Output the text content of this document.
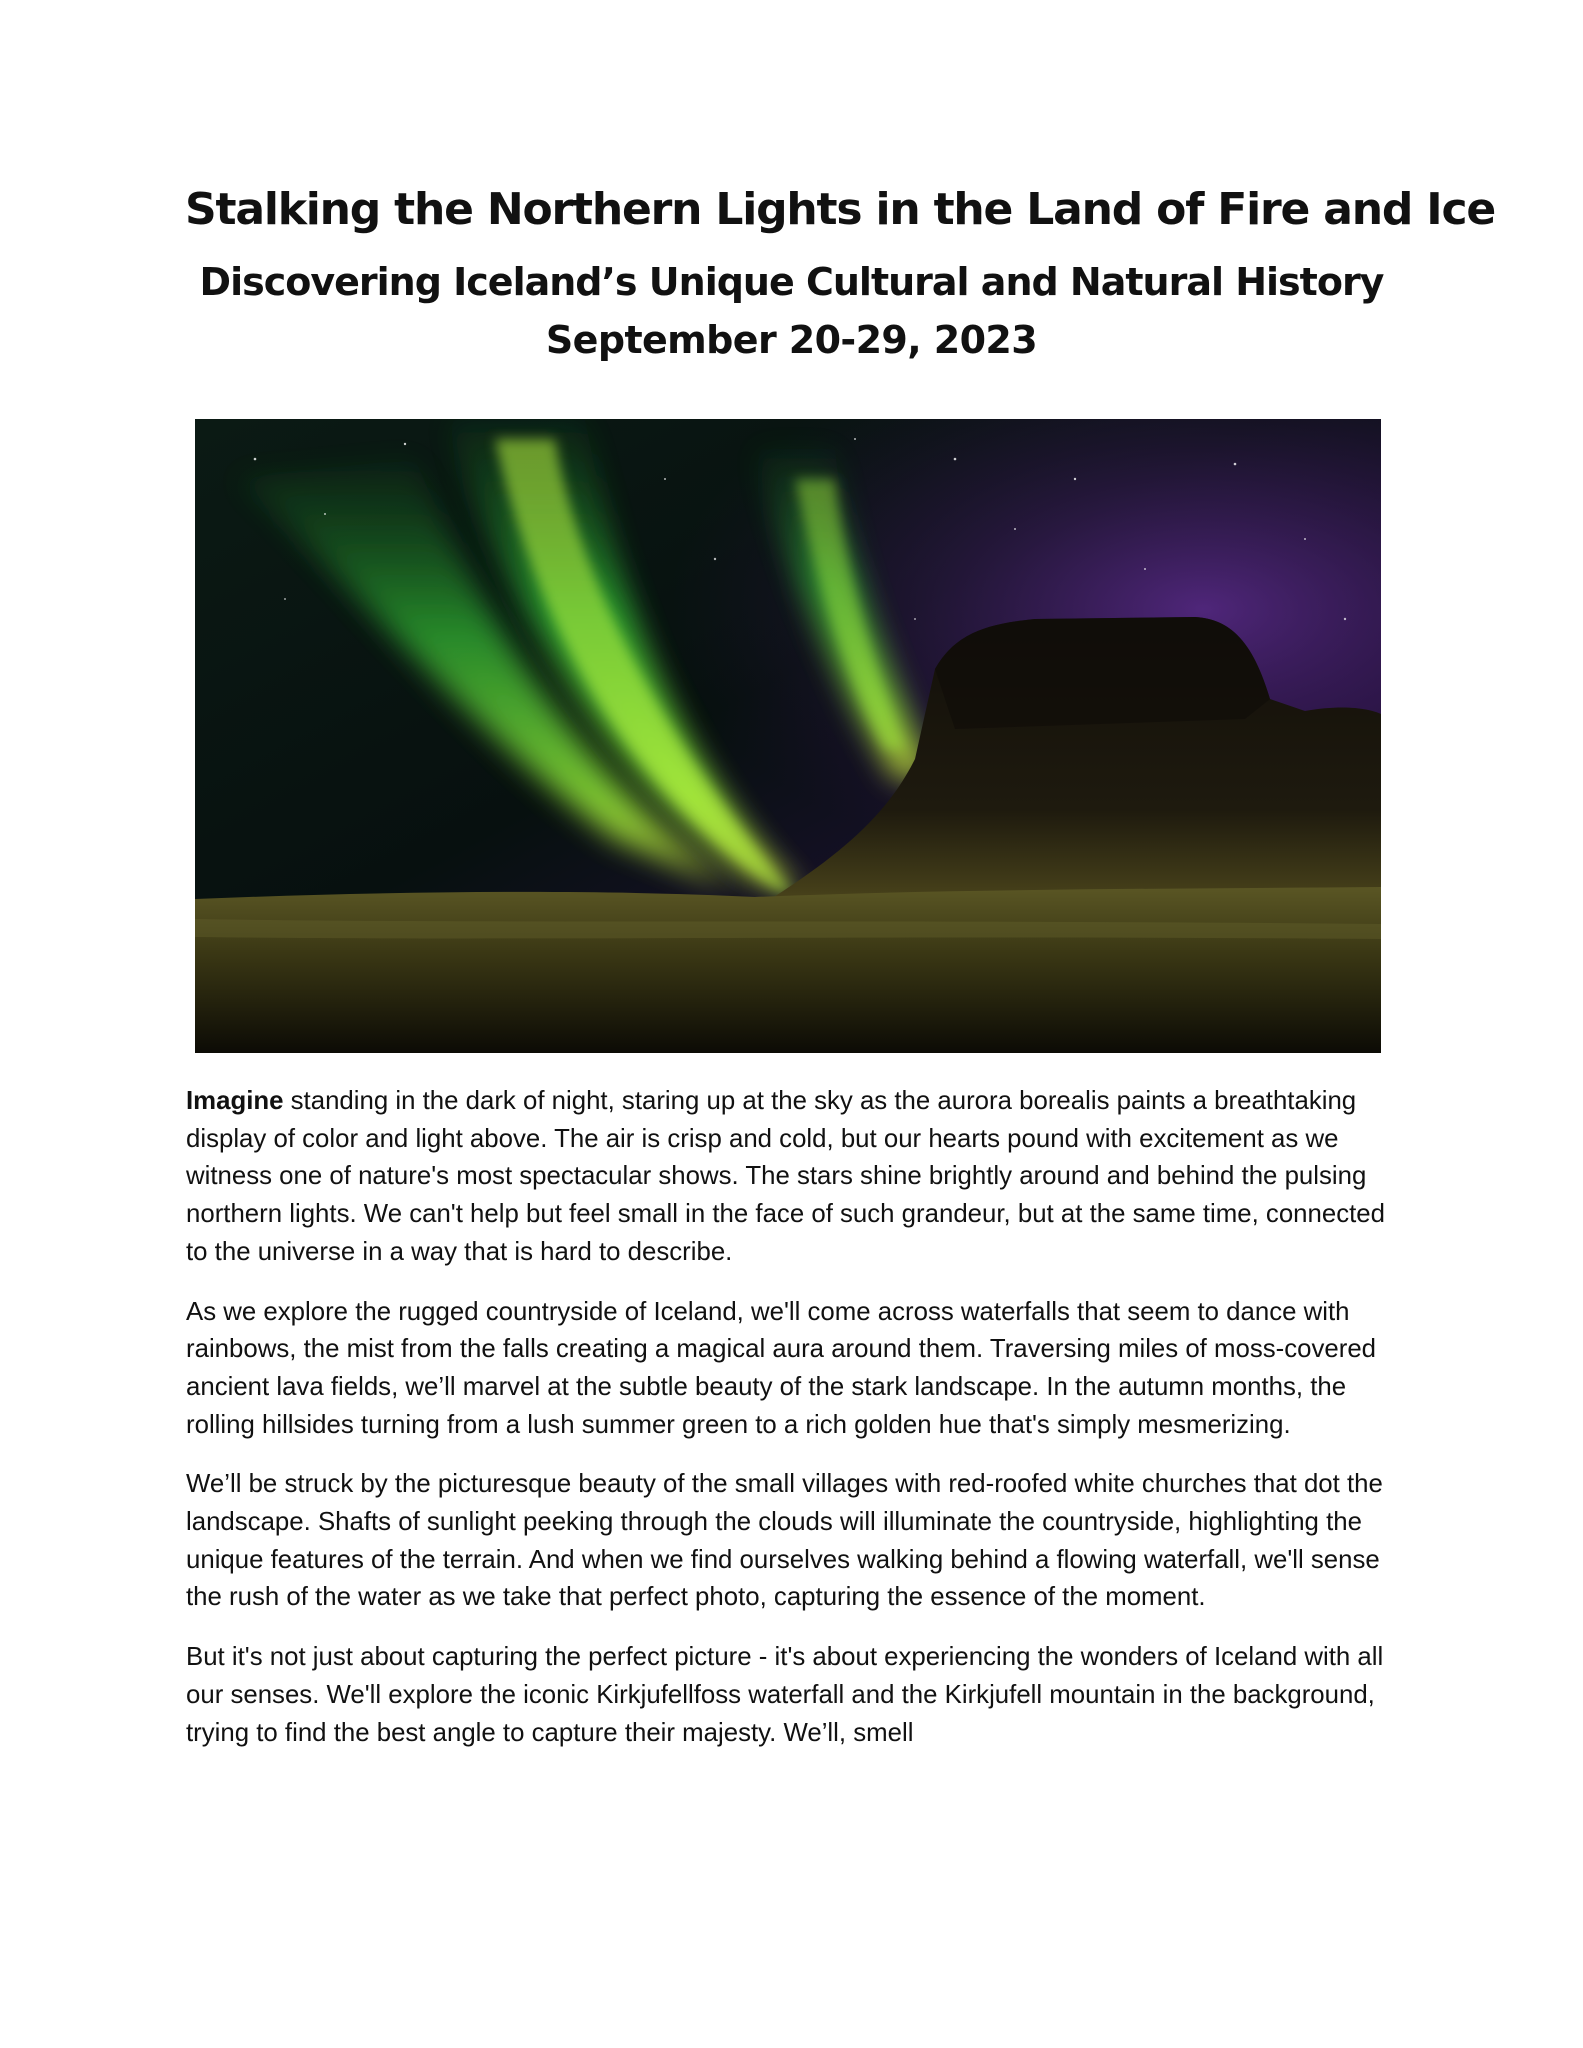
Stalking the Northern Lights in the Land of Fire and Ice
Discovering Iceland’s Unique Cultural and Natural History
September 20-29, 2023

Imagine standing in the dark of night, staring up at the sky as the aurora borealis paints a breathtaking display of color and light above. The air is crisp and cold, but our hearts pound with excitement as we witness one of nature's most spectacular shows. The stars shine brightly around and behind the pulsing northern lights. We can't help but feel small in the face of such grandeur, but at the same time, connected to the universe in a way that is hard to describe.

As we explore the rugged countryside of Iceland, we'll come across waterfalls that seem to dance with rainbows, the mist from the falls creating a magical aura around them. Traversing miles of moss-covered ancient lava fields, we’ll marvel at the subtle beauty of the stark landscape. In the autumn months, the rolling hillsides turning from a lush summer green to a rich golden hue that's simply mesmerizing.

We’ll be struck by the picturesque beauty of the small villages with red-roofed white churches that dot the landscape. Shafts of sunlight peeking through the clouds will illuminate the countryside, highlighting the unique features of the terrain. And when we find ourselves walking behind a flowing waterfall, we'll sense the rush of the water as we take that perfect photo, capturing the essence of the moment.

But it's not just about capturing the perfect picture - it's about experiencing the wonders of Iceland with all our senses. We'll explore the iconic Kirkjufellfoss waterfall and the Kirkjufell mountain in the background, trying to find the best angle to capture their majesty. We’ll, smell
